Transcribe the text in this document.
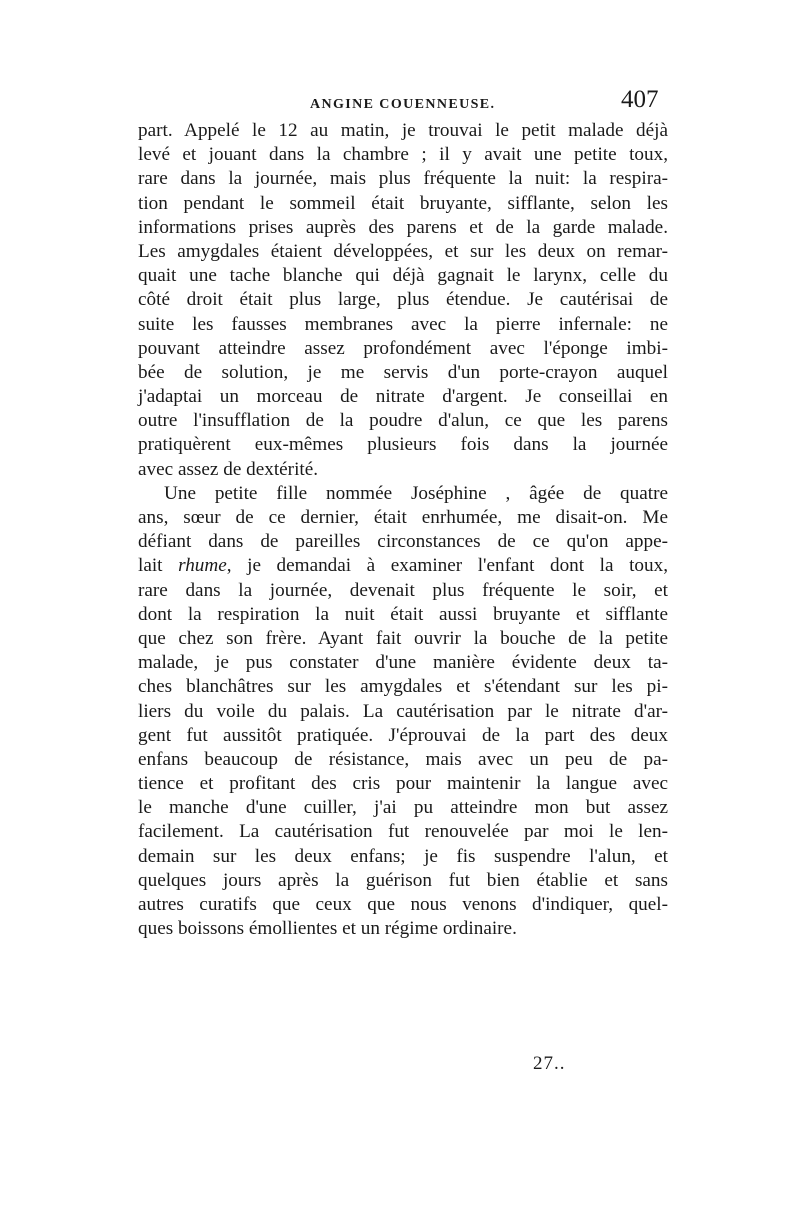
ANGINE COUENNEUSE.	407
part. Appelé le 12 au matin, je trouvai le petit malade déjà
levé et jouant dans la chambre ; il y avait une petite toux,
rare dans la journée, mais plus fréquente la nuit: la respira-
tion pendant le sommeil était bruyante, sifflante, selon les
informations prises auprès des parens et de la garde malade.
Les amygdales étaient développées, et sur les deux on remar-
quait une tache blanche qui déjà gagnait le larynx, celle du
côté droit était plus large, plus étendue. Je cautérisai de
suite les fausses membranes avec la pierre infernale: ne
pouvant atteindre assez profondément avec l'éponge imbi-
bée de solution, je me servis d'un porte-crayon auquel
j'adaptai un morceau de nitrate d'argent. Je conseillai en
outre l'insufflation de la poudre d'alun, ce que les parens
pratiquèrent eux-mêmes plusieurs fois dans la journée
avec assez de dextérité.
Une petite fille nommée Joséphine , âgée de quatre
ans, sœur de ce dernier, était enrhumée, me disait-on. Me
défiant dans de pareilles circonstances de ce qu'on appe-
lait rhume, je demandai à examiner l'enfant dont la toux,
rare dans la journée, devenait plus fréquente le soir, et
dont la respiration la nuit était aussi bruyante et sifflante
que chez son frère. Ayant fait ouvrir la bouche de la petite
malade, je pus constater d'une manière évidente deux ta-
ches blanchâtres sur les amygdales et s'étendant sur les pi-
liers du voile du palais. La cautérisation par le nitrate d'ar-
gent fut aussitôt pratiquée. J'éprouvai de la part des deux
enfans beaucoup de résistance, mais avec un peu de pa-
tience et profitant des cris pour maintenir la langue avec
le manche d'une cuiller, j'ai pu atteindre mon but assez
facilement. La cautérisation fut renouvelée par moi le len-
demain sur les deux enfans; je fis suspendre l'alun, et
quelques jours après la guérison fut bien établie et sans
autres curatifs que ceux que nous venons d'indiquer, quel-
ques boissons émollientes et un régime ordinaire.
27..
